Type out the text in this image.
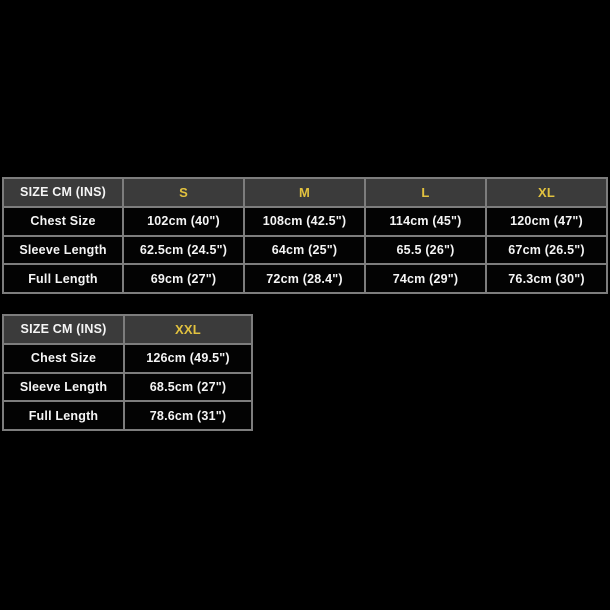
SIZE CM (INS)	S	M	L	XL
Chest Size	102cm (40")	108cm (42.5")	114cm (45")	120cm (47")
Sleeve Length	62.5cm (24.5")	64cm (25")	65.5 (26")	67cm (26.5")
Full Length	69cm (27")	72cm (28.4")	74cm (29")	76.3cm (30")
SIZE CM (INS)	XXL
Chest Size	126cm (49.5")
Sleeve Length	68.5cm (27")
Full Length	78.6cm (31")
